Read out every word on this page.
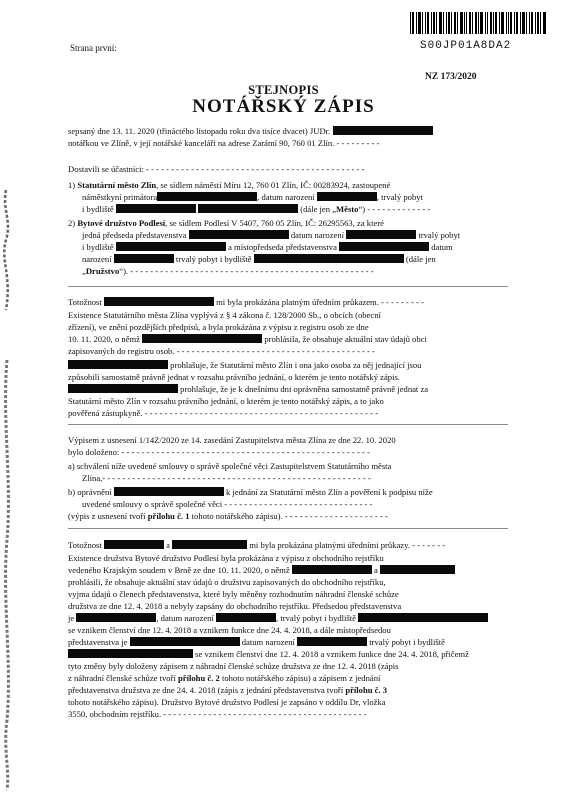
Strana první:	S00JP01A8DA2
NZ 173/2020
STEJNOPIS
NOTÁŘSKÝ ZÁPIS
sepsaný dne 13. 11. 2020 (třináctého listopadu roku dva tisíce dvacet) JUDr.
notářkou ve Zlíně, v její notářské kanceláři na adrese Zarámí 90, 760 01 Zlín. - - - - - - - - -
Dostavili se účastníci: - - - - - - - - - - - - - - - - - - - - - - - - - - - - - - - - - - - - - - - - - - - -
1) Statutární město Zlín, se sídlem náměstí Míru 12, 760 01 Zlín, IČ: 00283924, zastoupené
náměstkyní primátora	, datum narození	, trvalý pobyt
i bydliště	(dále jen „Město“) - - - - - - - - - - - - -
2) Bytové družstvo Podlesí, se sídlem Podlesí V 5407, 760 05 Zlín, IČ: 26295563, za které
jedná předseda představenstva	datum narození	trvalý pobyt
i bydliště	a místopředseda představenstva	datum
narození	trvalý pobyt i bydliště	(dále jen
„Družstvo“). - - - - - - - - - - - - - - - - - - - - - - - - - - - - - - - - - - - - - - - - - - - - - - - - -
Totožnost	mi byla prokázána platným úředním průkazem. - - - - - - - - -
Existence Statutárního města Zlína vyplývá z § 4 zákona č. 128/2000 Sb., o obcích (obecní
zřízení), ve znění pozdějších předpisů, a byla prokázána z výpisu z registru osob ze dne
10. 11. 2020, o němž	prohlásila, že obsahuje aktuální stav údajů obci
zapisovaných do registru osob. - - - - - - - - - - - - - - - - - - - - - - - - - - - - - - - - - - - - - - - -
prohlašuje, že Statutární město Zlín i ona jako osoba za něj jednající jsou
způsobilí samostatně právně jednat v rozsahu právního jednání, o kterém je tento notářský zápis.
prohlašuje, že je k dnešnímu dni oprávněna samostatně právně jednat za
Statutární město Zlín v rozsahu právního jednání, o kterém je tento notářský zápis, a to jako
pověřená zástupkyně. - - - - - - - - - - - - - - - - - - - - - - - - - - - - - - - - - - - - - - - - - - - - - - -
Výpisem z usnesení 1/14Z/2020 ze 14. zasedání Zastupitelstva města Zlína ze dne 22. 10. 2020
bylo doloženo: - - - - - - - - - - - - - - - - - - - - - - - - - - - - - - - - - - - - - - - - - - - - - - - - - -
a) schválení níže uvedené smlouvy o správě společné věci Zastupitelstvem Statutárního města
Zlína,- - - - - - - - - - - - - - - - - - - - - - - - - - - - - - - - - - - - - - - - - - - - - - - - - - - - - -
b) oprávnění	k jednání za Statutární město Zlín a pověření k podpisu níže
uvedené smlouvy o správě společné věci - - - - - - - - - - - - - - - - - - - - - - - - - - - - - -
(výpis z usnesení tvoří přílohu č. 1 tohoto notářského zápisu). - - - - - - - - - - - - - - - - - - - - -
Totožnost	a	mi byla prokázána platnými úředními průkazy. - - - - - - -
Existence družstva Bytové družstvo Podlesí byla prokázána z výpisu z obchodního rejstříku
vedeného Krajským soudem v Brně ze dne 10. 11. 2020, o němž	a
prohlásili, že obsahuje aktuální stav údajů o družstvu zapisovaných do obchodního rejstříku,
vyjma údajů o členech představenstva, které byly měněny rozhodnutím náhradní členské schůze
družstva ze dne 12. 4. 2018 a nebyly zapsány do obchodního rejstříku. Předsedou představenstva
je	, datum narození	, trvalý pobyt i bydliště
se vznikem členství dne 12. 4. 2018 a vznikem funkce dne 24. 4. 2018, a dále místopředsedou
představenstva je	datum narození	trvalý pobyt i bydliště
se vznikem členství dne 12. 4. 2018 a vznikem funkce dne 24. 4. 2018, přičemž
tyto změny byly doloženy zápisem z náhradní členské schůze družstva ze dne 12. 4. 2018 (zápis
z náhradní členské schůze tvoří přílohu č. 2 tohoto notářského zápisu) a zápisem z jednání
představenstva družstva ze dne 24. 4. 2018 (zápis z jednání představenstva tvoří přílohu č. 3
tohoto notářského zápisu). Družstvo Bytové družstvo Podlesí je zapsáno v oddílu Dr, vložka
3550, obchodním rejstříku. - - - - - - - - - - - - - - - - - - - - - - - - - - - - - - - - - - - - - - - - -
